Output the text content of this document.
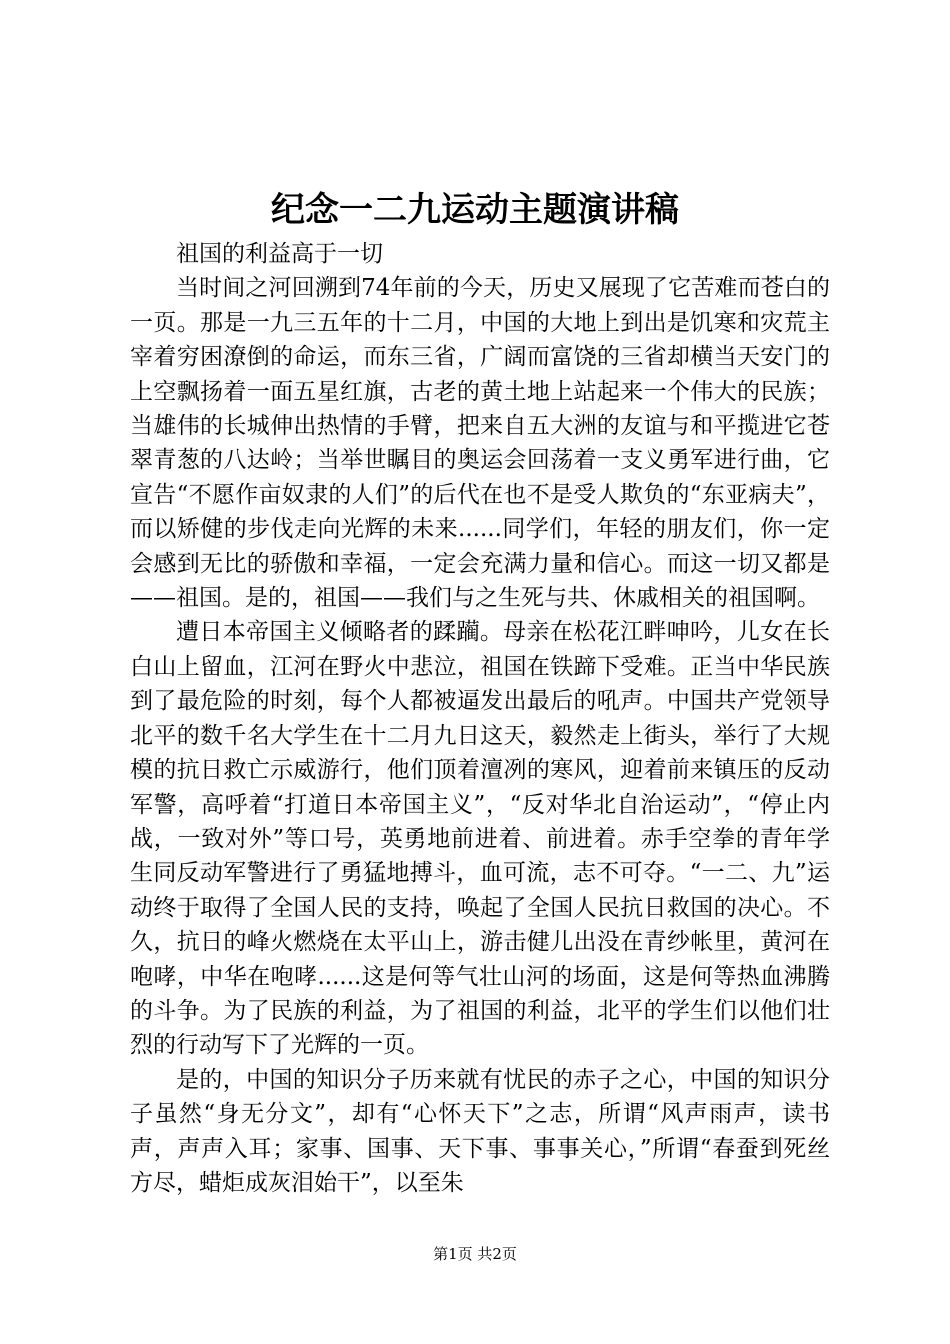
纪念一二九运动主题演讲稿

祖国的利益高于一切

当时间之河回溯到74年前的今天，历史又展现了它苦难而苍白的一页。那是一九三五年的十二月，中国的大地上到出是饥寒和灾荒主宰着穷困潦倒的命运，而东三省，广阔而富饶的三省却横当天安门的上空飘扬着一面五星红旗，古老的黄土地上站起来一个伟大的民族；当雄伟的长城伸出热情的手臂，把来自五大洲的友谊与和平揽进它苍翠青葱的八达岭；当举世瞩目的奥运会回荡着一支义勇军进行曲，它宣告“不愿作亩奴隶的人们”的后代在也不是受人欺负的“东亚病夫”，而以矫健的步伐走向光辉的未来......同学们，年轻的朋友们，你一定会感到无比的骄傲和幸福，一定会充满力量和信心。而这一切又都是——祖国。是的，祖国——我们与之生死与共、休戚相关的祖国啊。

遭日本帝国主义倾略者的蹂躏。母亲在松花江畔呻吟，儿女在长白山上留血，江河在野火中悲泣，祖国在铁蹄下受难。正当中华民族到了最危险的时刻，每个人都被逼发出最后的吼声。中国共产党领导北平的数千名大学生在十二月九日这天，毅然走上街头，举行了大规模的抗日救亡示威游行，他们顶着澶冽的寒风，迎着前来镇压的反动军警，高呼着“打道日本帝国主义”，“反对华北自治运动”，“停止内战，一致对外”等口号，英勇地前进着、前进着。赤手空拳的青年学生同反动军警进行了勇猛地搏斗，血可流，志不可夺。“一二、九”运动终于取得了全国人民的支持，唤起了全国人民抗日救国的决心。不久，抗日的峰火燃烧在太平山上，游击健儿出没在青纱帐里，黄河在咆哮，中华在咆哮......这是何等气壮山河的场面，这是何等热血沸腾的斗争。为了民族的利益，为了祖国的利益，北平的学生们以他们壮烈的行动写下了光辉的一页。

是的，中国的知识分子历来就有忧民的赤子之心，中国的知识分子虽然“身无分文”，却有“心怀天下”之志，所谓“风声雨声，读书声，声声入耳；家事、国事、天下事、事事关心，”所谓“春蚕到死丝方尽，蜡炬成灰泪始干”，以至朱

第1页 共2页
